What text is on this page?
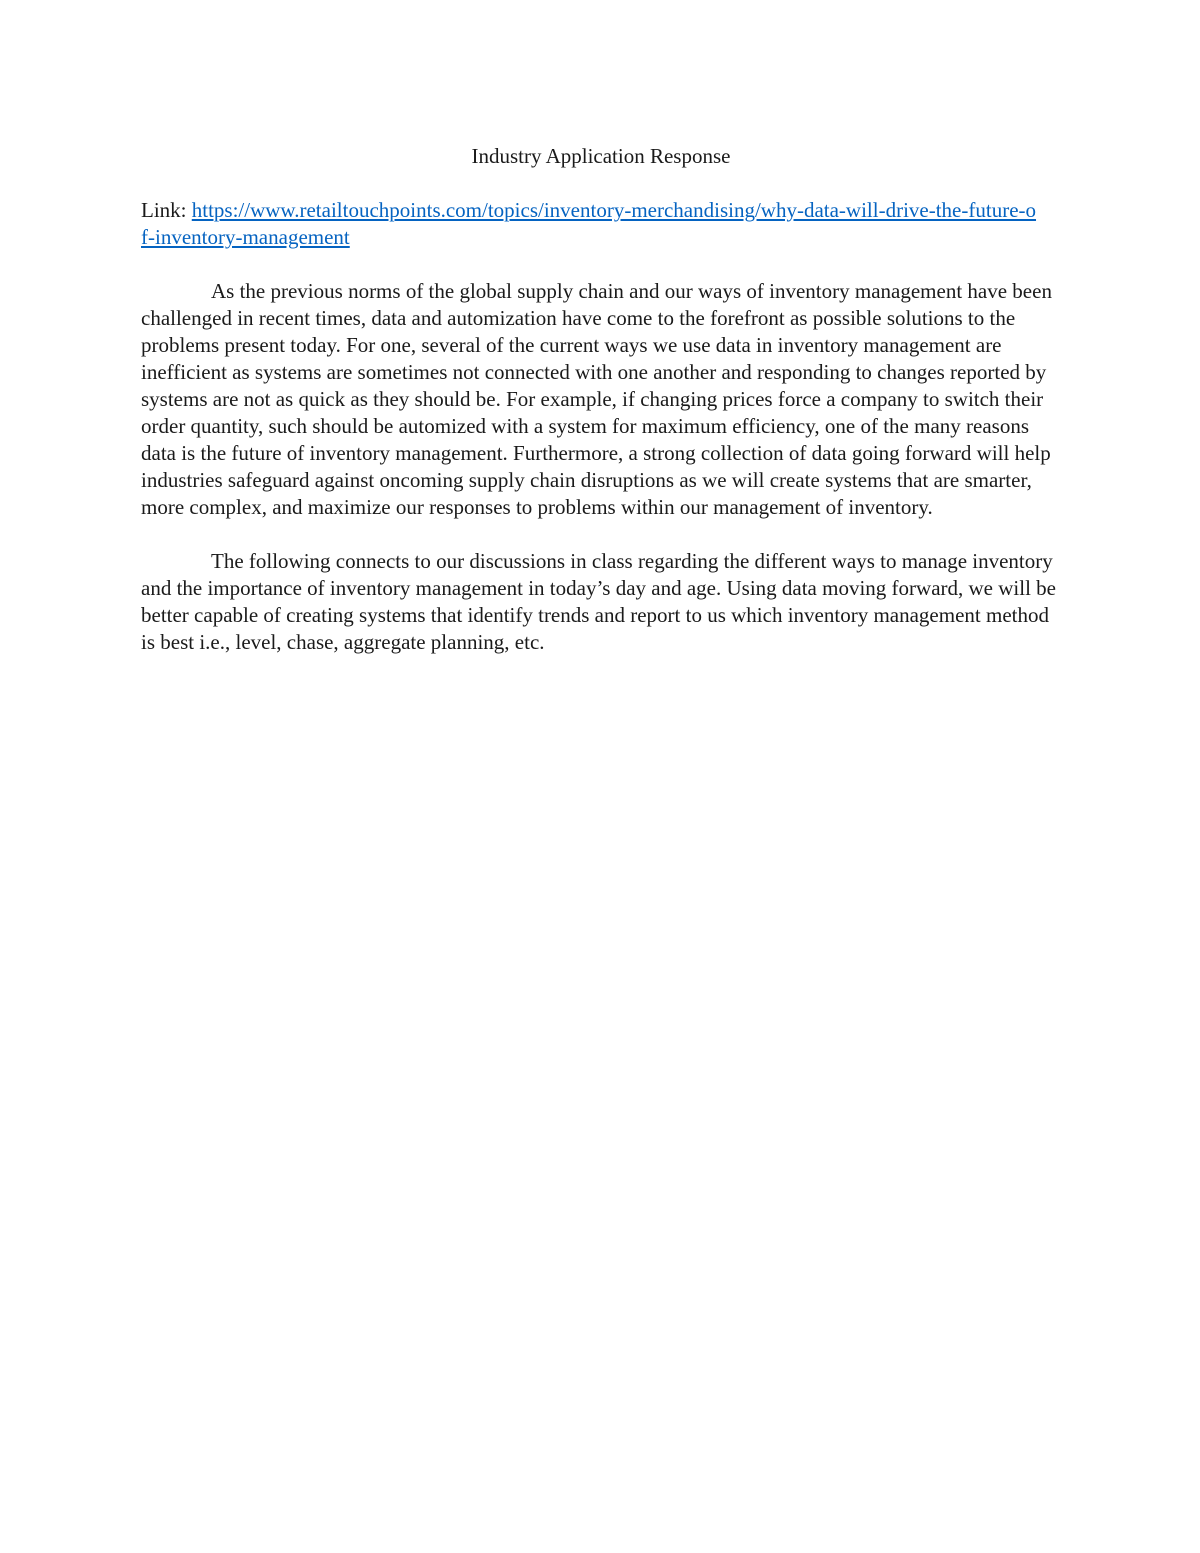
Industry Application Response

Link: https://www.retailtouchpoints.com/topics/inventory-merchandising/why-data-will-drive-the-future-of-inventory-management

As the previous norms of the global supply chain and our ways of inventory management have been challenged in recent times, data and automization have come to the forefront as possible solutions to the problems present today. For one, several of the current ways we use data in inventory management are inefficient as systems are sometimes not connected with one another and responding to changes reported by systems are not as quick as they should be. For example, if changing prices force a company to switch their order quantity, such should be automized with a system for maximum efficiency, one of the many reasons data is the future of inventory management. Furthermore, a strong collection of data going forward will help industries safeguard against oncoming supply chain disruptions as we will create systems that are smarter, more complex, and maximize our responses to problems within our management of inventory.

The following connects to our discussions in class regarding the different ways to manage inventory and the importance of inventory management in today’s day and age. Using data moving forward, we will be better capable of creating systems that identify trends and report to us which inventory management method is best i.e., level, chase, aggregate planning, etc.
